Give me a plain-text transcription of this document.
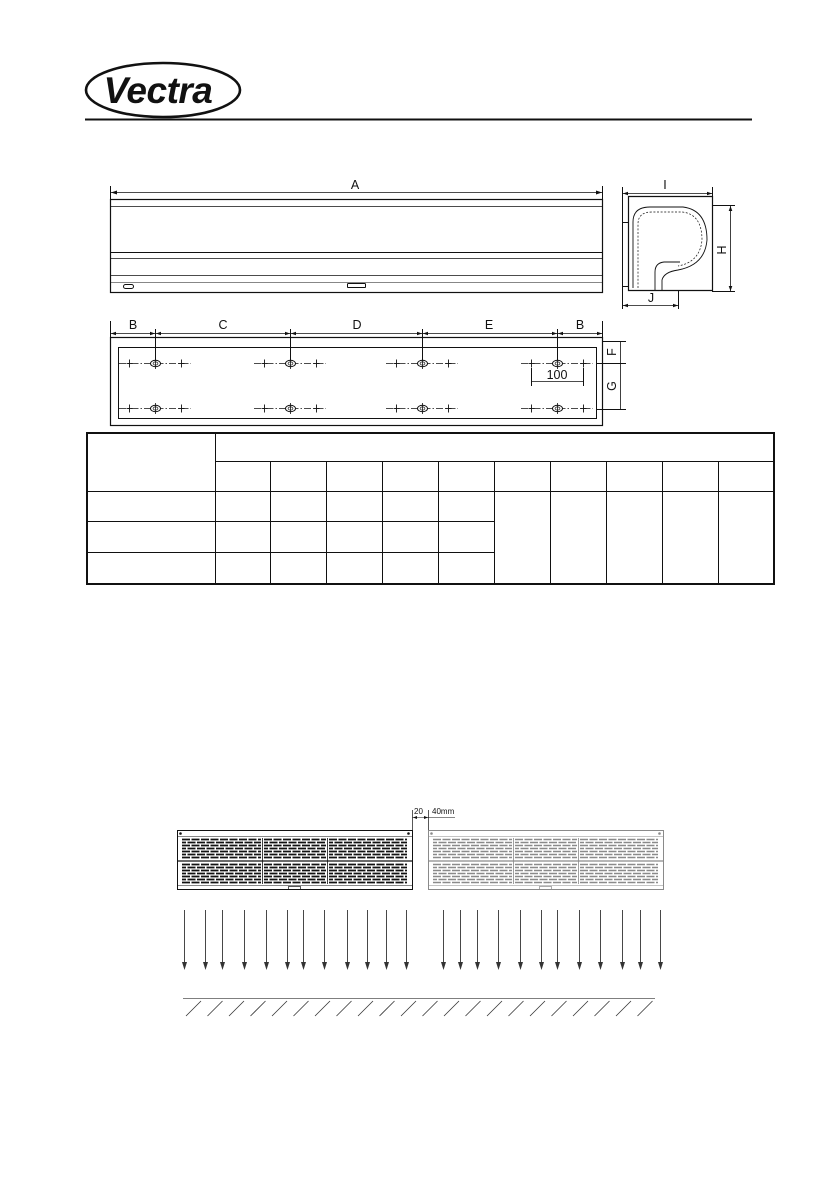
Vectra
A	I
H
J
B	C	D	E	B
F
G
100
20 40mm
